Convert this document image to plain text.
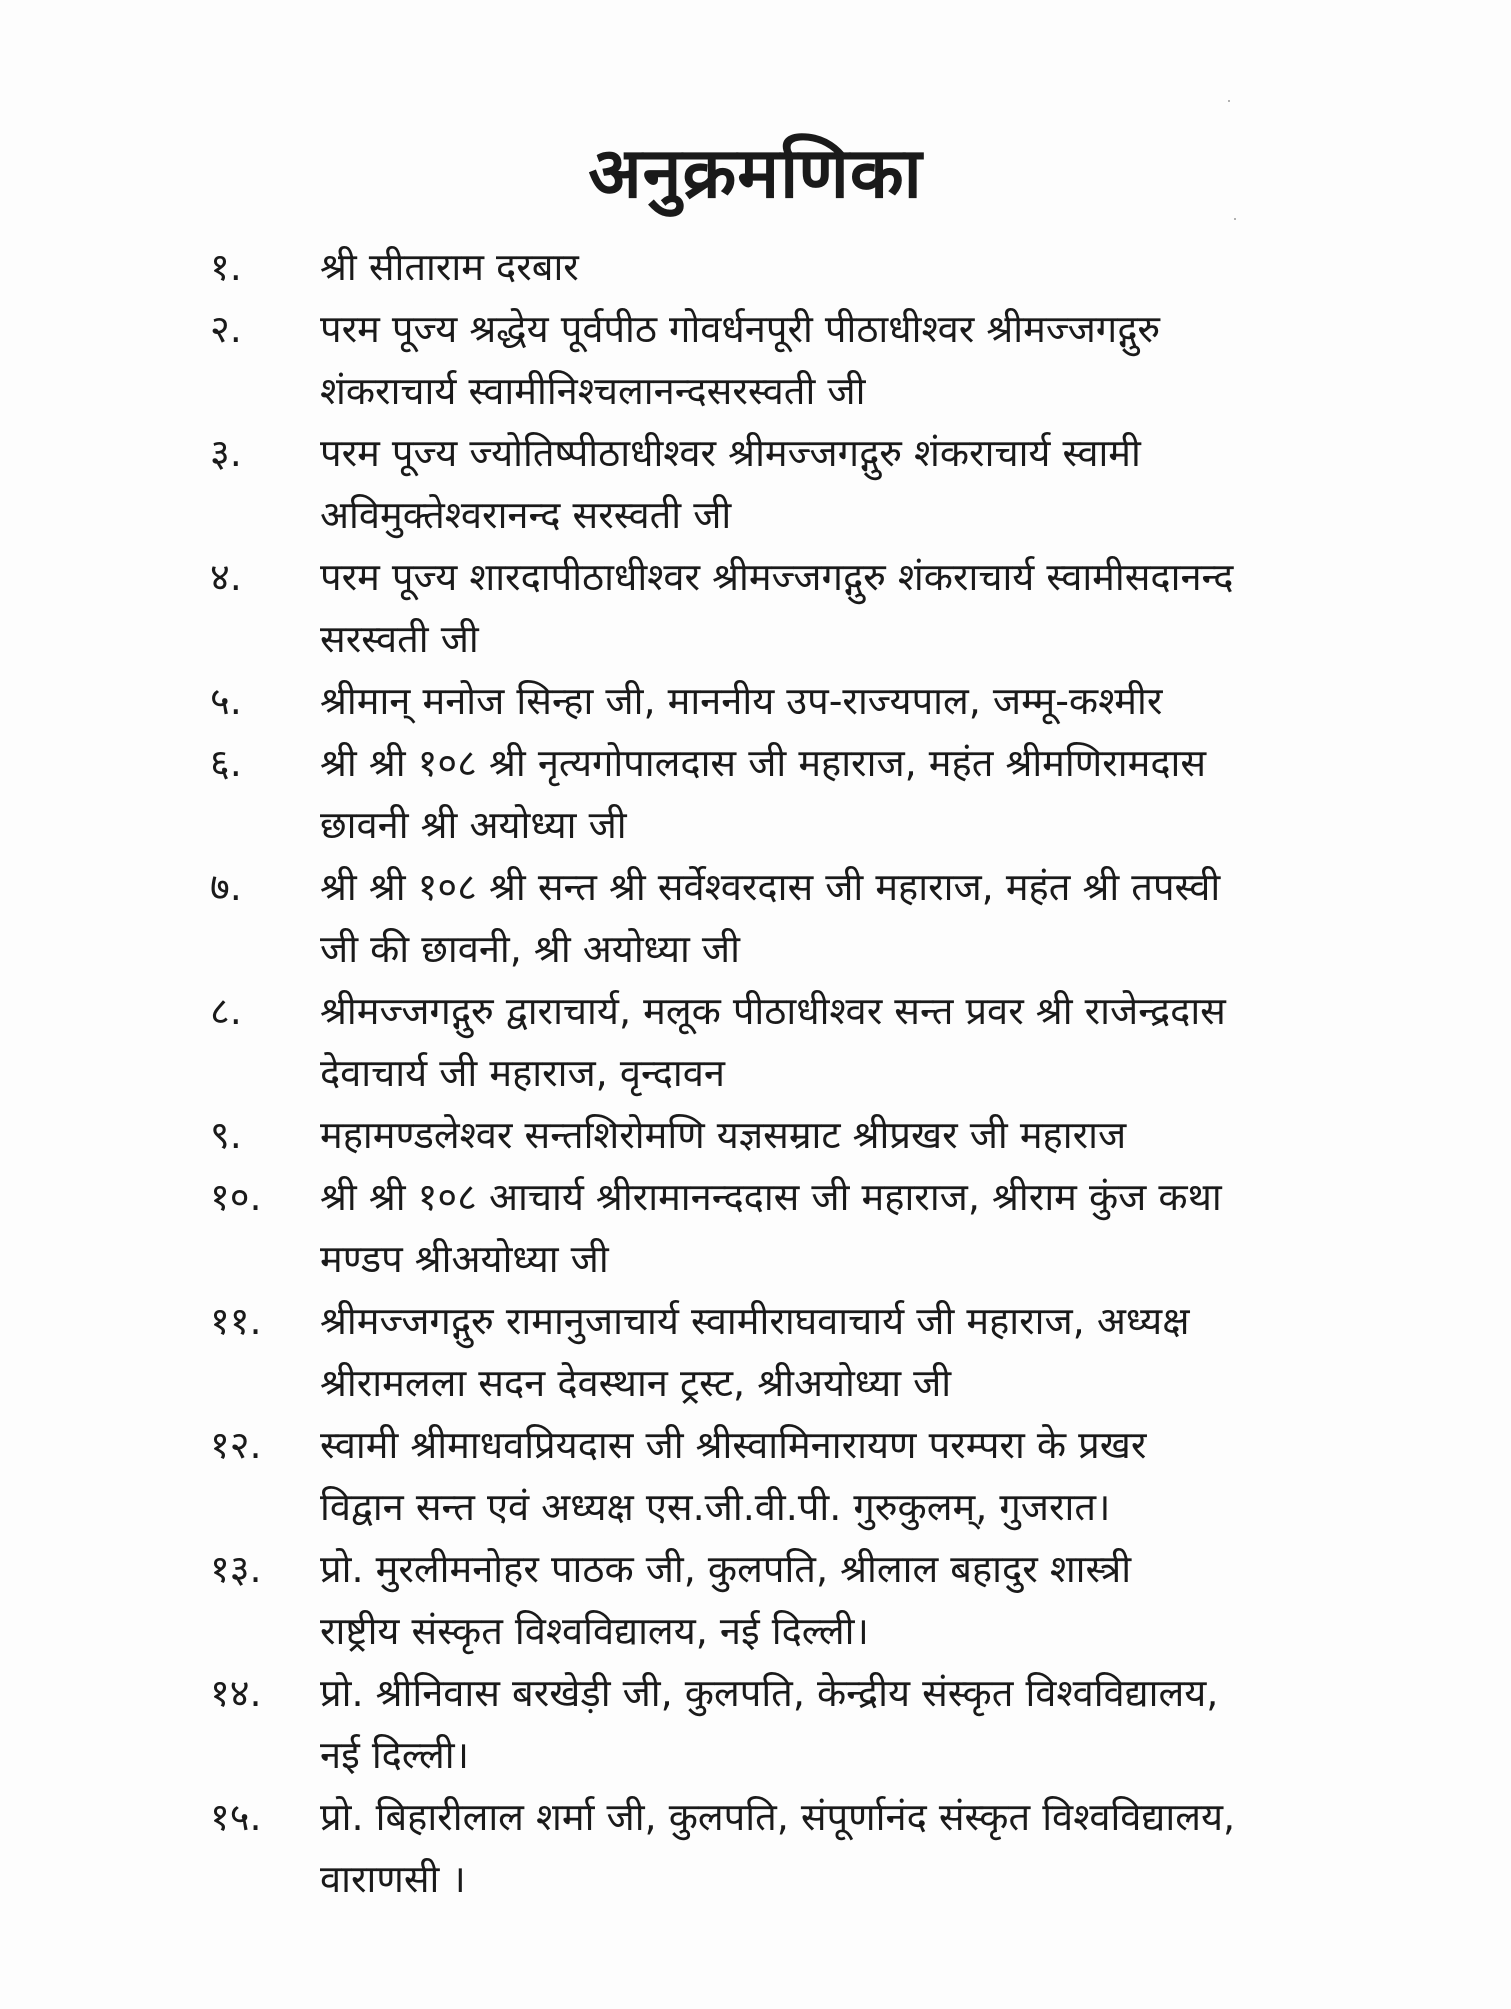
अनुक्रमणिका
१.	श्री सीताराम दरबार
२.	परम पूज्य श्रद्धेय पूर्वपीठ गोवर्धनपूरी पीठाधीश्वर श्रीमज्जगद्गुरु
शंकराचार्य स्वामीनिश्चलानन्दसरस्वती जी
३.	परम पूज्य ज्योतिष्पीठाधीश्वर श्रीमज्जगद्गुरु शंकराचार्य स्वामी
अविमुक्तेश्वरानन्द सरस्वती जी
४.	परम पूज्य शारदापीठाधीश्वर श्रीमज्जगद्गुरु शंकराचार्य स्वामीसदानन्द
सरस्वती जी
५.	श्रीमान् मनोज सिन्हा जी, माननीय उप-राज्यपाल, जम्मू-कश्मीर
६.	श्री श्री १०८ श्री नृत्यगोपालदास जी महाराज, महंत श्रीमणिरामदास
छावनी श्री अयोध्या जी
७.	श्री श्री १०८ श्री सन्त श्री सर्वेश्वरदास जी महाराज, महंत श्री तपस्वी
जी की छावनी, श्री अयोध्या जी
८.	श्रीमज्जगद्गुरु द्वाराचार्य, मलूक पीठाधीश्वर सन्त प्रवर श्री राजेन्द्रदास
देवाचार्य जी महाराज, वृन्दावन
९.	महामण्डलेश्वर सन्तशिरोमणि यज्ञसम्राट श्रीप्रखर जी महाराज
१०.	श्री श्री १०८ आचार्य श्रीरामानन्ददास जी महाराज, श्रीराम कुंज कथा
मण्डप श्रीअयोध्या जी
११.	श्रीमज्जगद्गुरु रामानुजाचार्य स्वामीराघवाचार्य जी महाराज, अध्यक्ष
श्रीरामलला सदन देवस्थान ट्रस्ट, श्रीअयोध्या जी
१२.	स्वामी श्रीमाधवप्रियदास जी श्रीस्वामिनारायण परम्परा के प्रखर
विद्वान सन्त एवं अध्यक्ष एस.जी.वी.पी. गुरुकुलम्, गुजरात।
१३.	प्रो. मुरलीमनोहर पाठक जी, कुलपति, श्रीलाल बहादुर शास्त्री
राष्ट्रीय संस्कृत विश्वविद्यालय, नई दिल्ली।
१४.	प्रो. श्रीनिवास बरखेड़ी जी, कुलपति, केन्द्रीय संस्कृत विश्वविद्यालय,
नई दिल्ली।
१५.	प्रो. बिहारीलाल शर्मा जी, कुलपति, संपूर्णानंद संस्कृत विश्वविद्यालय,
वाराणसी ।
